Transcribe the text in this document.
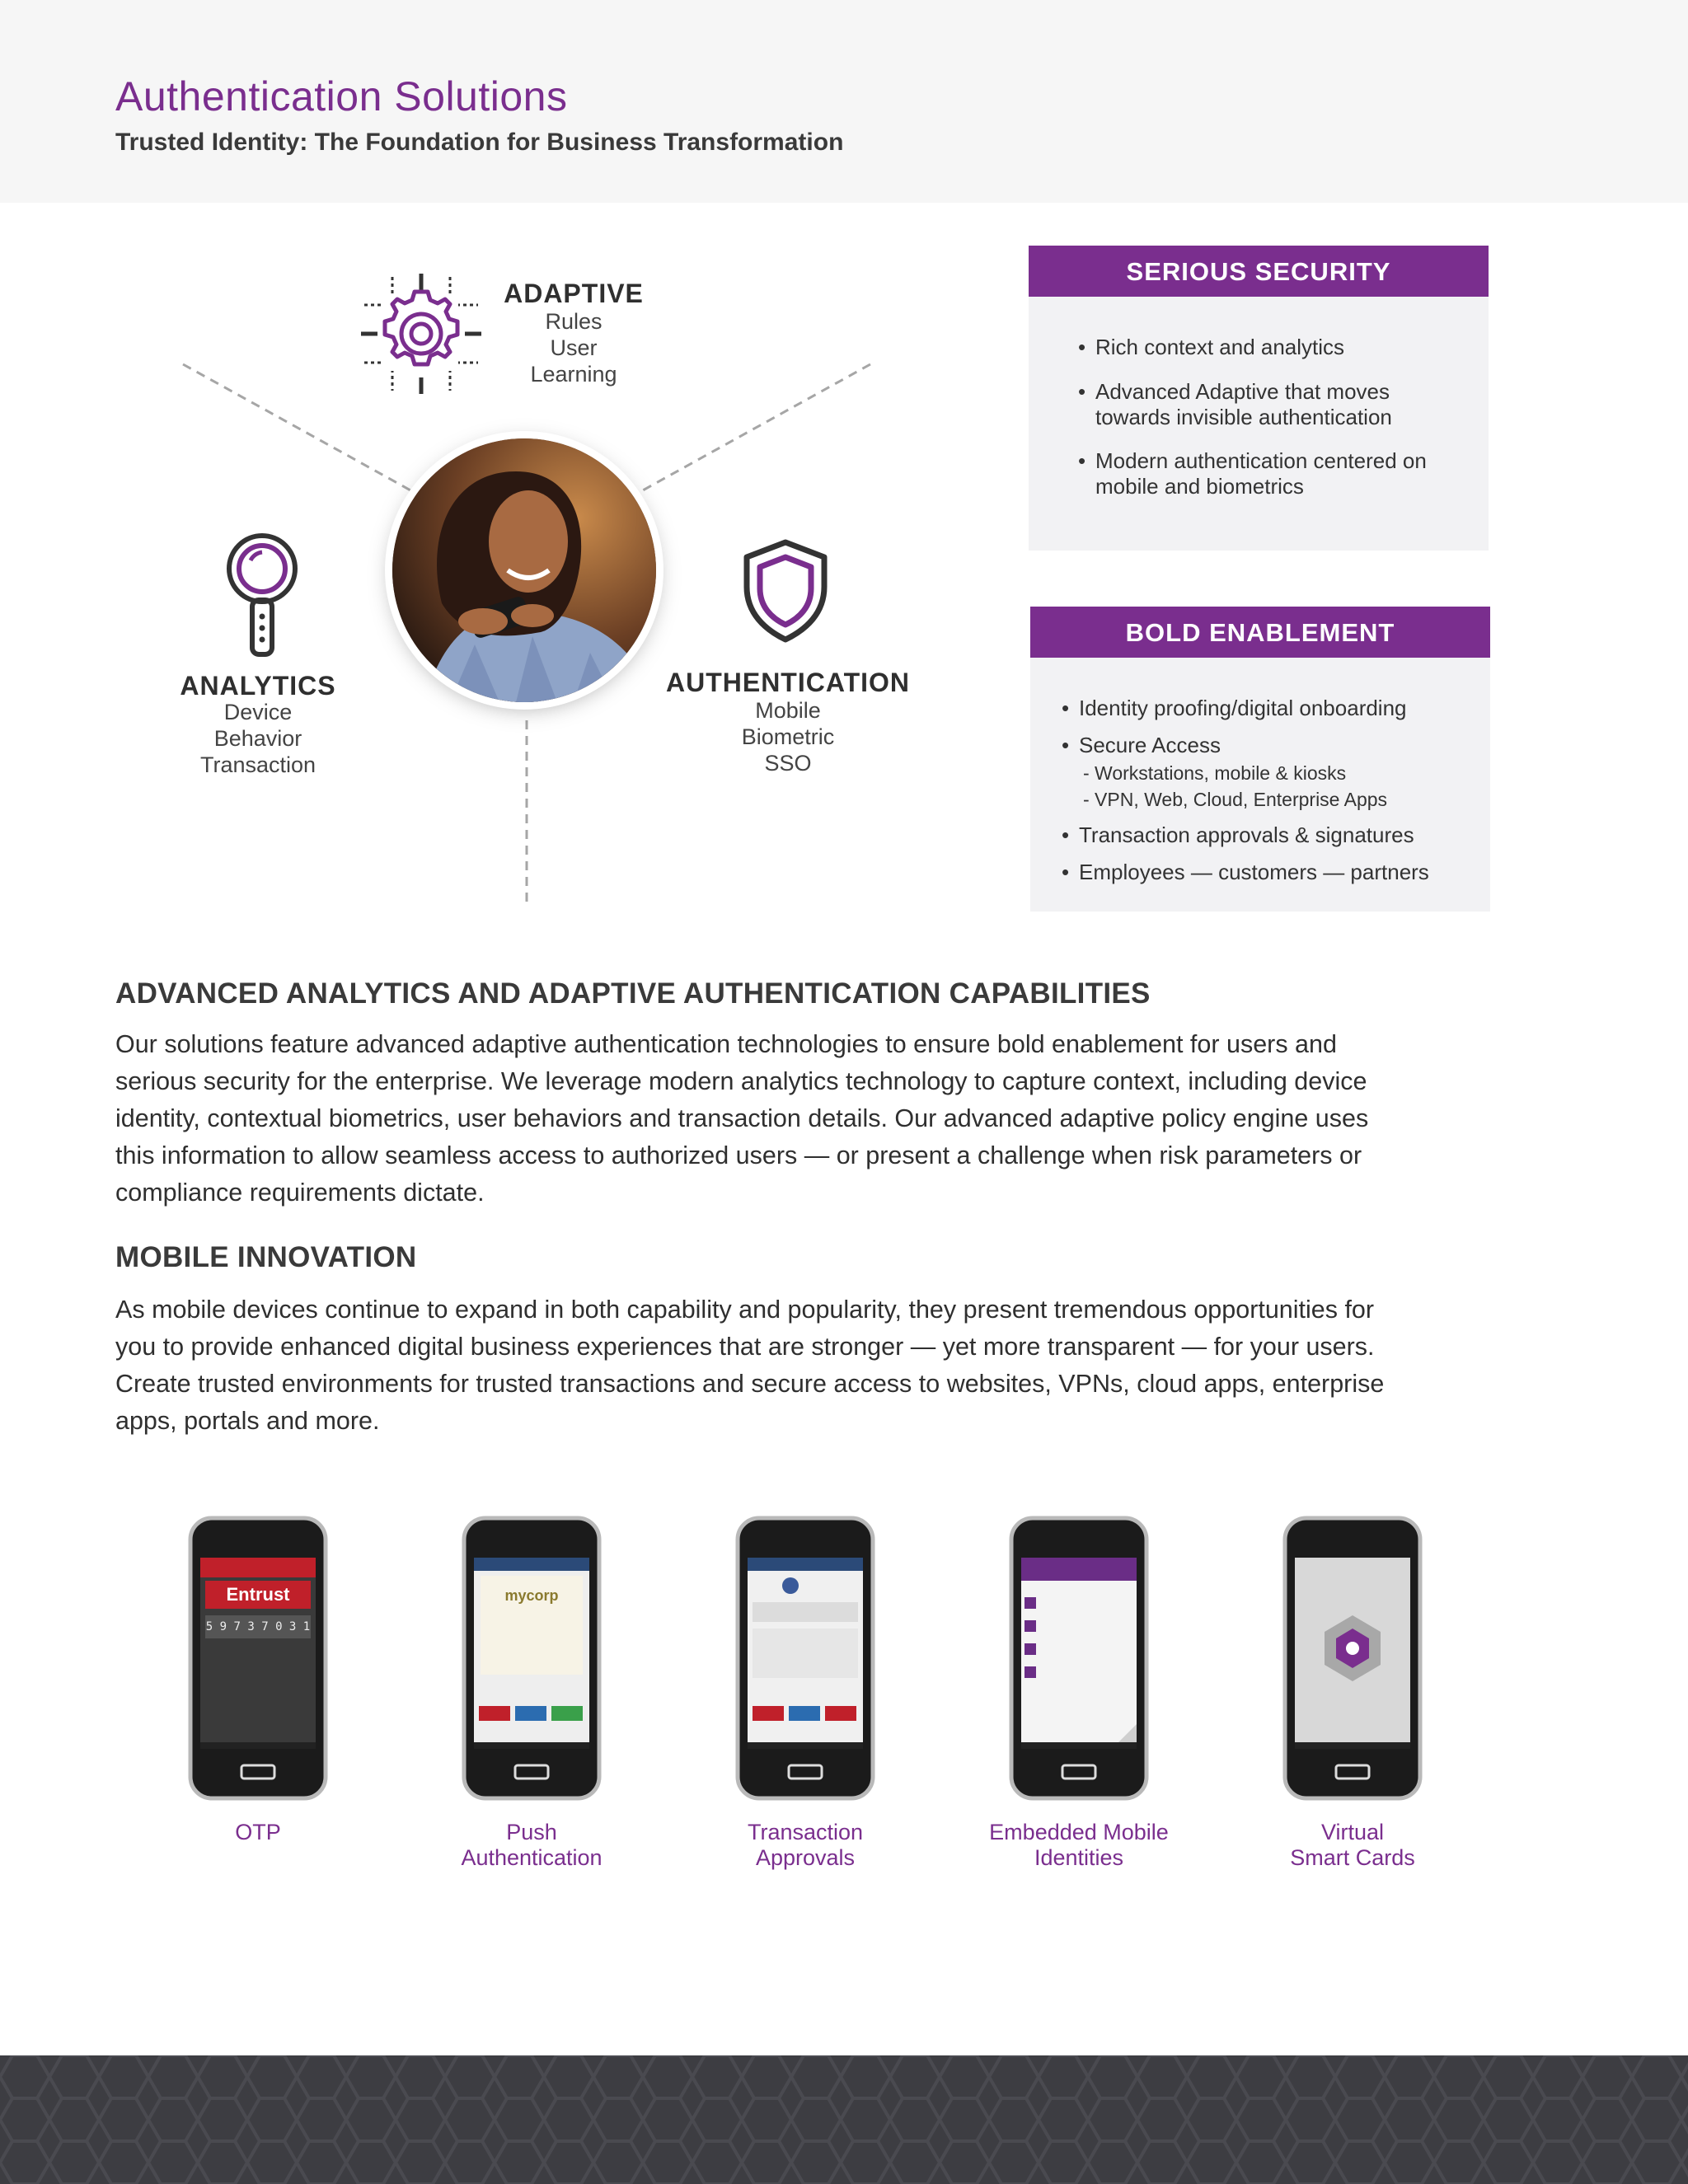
Authentication Solutions
Trusted Identity: The Foundation for Business Transformation
ADAPTIVE
Rules
User
Learning
ANALYTICS
Device
Behavior
Transaction
AUTHENTICATION
Mobile
Biometric
SSO
SERIOUS SECURITY
• Rich context and analytics
• Advanced Adaptive that moves
towards invisible authentication
• Modern authentication centered on
mobile and biometrics
BOLD ENABLEMENT
• Identity proofing/digital onboarding
• Secure Access
- Workstations, mobile & kiosks
- VPN, Web, Cloud, Enterprise Apps
• Transaction approvals & signatures
• Employees — customers — partners
ADVANCED ANALYTICS AND ADAPTIVE AUTHENTICATION CAPABILITIES
Our solutions feature advanced adaptive authentication technologies to ensure bold enablement for users and
serious security for the enterprise. We leverage modern analytics technology to capture context, including device
identity, contextual biometrics, user behaviors and transaction details. Our advanced adaptive policy engine uses
this information to allow seamless access to authorized users — or present a challenge when risk parameters or
compliance requirements dictate.
MOBILE INNOVATION
As mobile devices continue to expand in both capability and popularity, they present tremendous opportunities for
you to provide enhanced digital business experiences that are stronger — yet more transparent — for your users.
Create trusted environments for trusted transactions and secure access to websites, VPNs, cloud apps, enterprise
apps, portals and more.
Entrust
5 9 7 3 7 0 3 1
OTP
mycorp
Push
Authentication
Transaction
Approvals
Embedded Mobile
Identities
Virtual
Smart Cards
